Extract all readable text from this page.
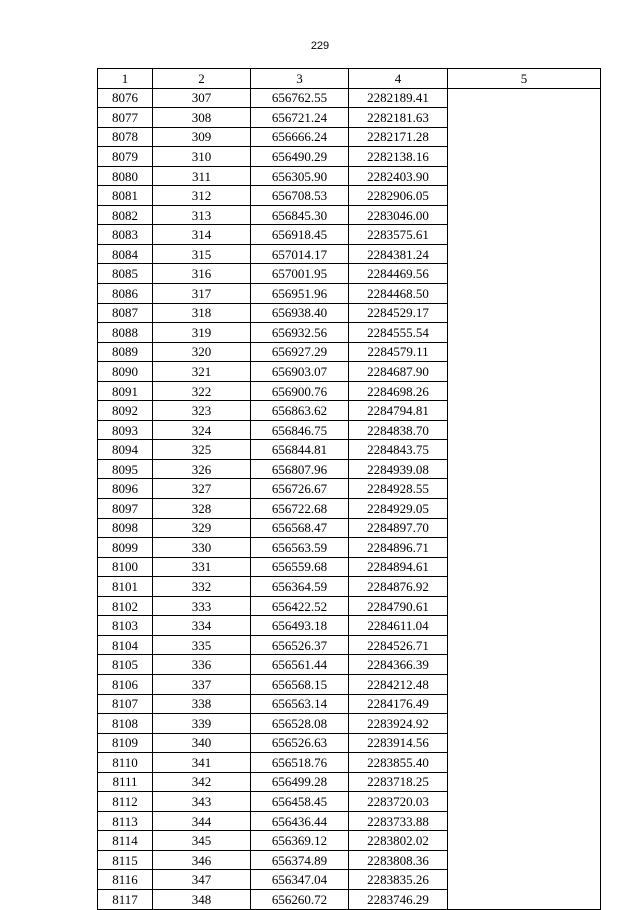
229
1	2	3	4	5
8076	307	656762.55	2282189.41	
8077	308	656721.24	2282181.63	
8078	309	656666.24	2282171.28	
8079	310	656490.29	2282138.16	
8080	311	656305.90	2282403.90	
8081	312	656708.53	2282906.05	
8082	313	656845.30	2283046.00	
8083	314	656918.45	2283575.61	
8084	315	657014.17	2284381.24	
8085	316	657001.95	2284469.56	
8086	317	656951.96	2284468.50	
8087	318	656938.40	2284529.17	
8088	319	656932.56	2284555.54	
8089	320	656927.29	2284579.11	
8090	321	656903.07	2284687.90	
8091	322	656900.76	2284698.26	
8092	323	656863.62	2284794.81	
8093	324	656846.75	2284838.70	
8094	325	656844.81	2284843.75	
8095	326	656807.96	2284939.08	
8096	327	656726.67	2284928.55	
8097	328	656722.68	2284929.05	
8098	329	656568.47	2284897.70	
8099	330	656563.59	2284896.71	
8100	331	656559.68	2284894.61	
8101	332	656364.59	2284876.92	
8102	333	656422.52	2284790.61	
8103	334	656493.18	2284611.04	
8104	335	656526.37	2284526.71	
8105	336	656561.44	2284366.39	
8106	337	656568.15	2284212.48	
8107	338	656563.14	2284176.49	
8108	339	656528.08	2283924.92	
8109	340	656526.63	2283914.56	
8110	341	656518.76	2283855.40	
8111	342	656499.28	2283718.25	
8112	343	656458.45	2283720.03	
8113	344	656436.44	2283733.88	
8114	345	656369.12	2283802.02	
8115	346	656374.89	2283808.36	
8116	347	656347.04	2283835.26	
8117	348	656260.72	2283746.29	
